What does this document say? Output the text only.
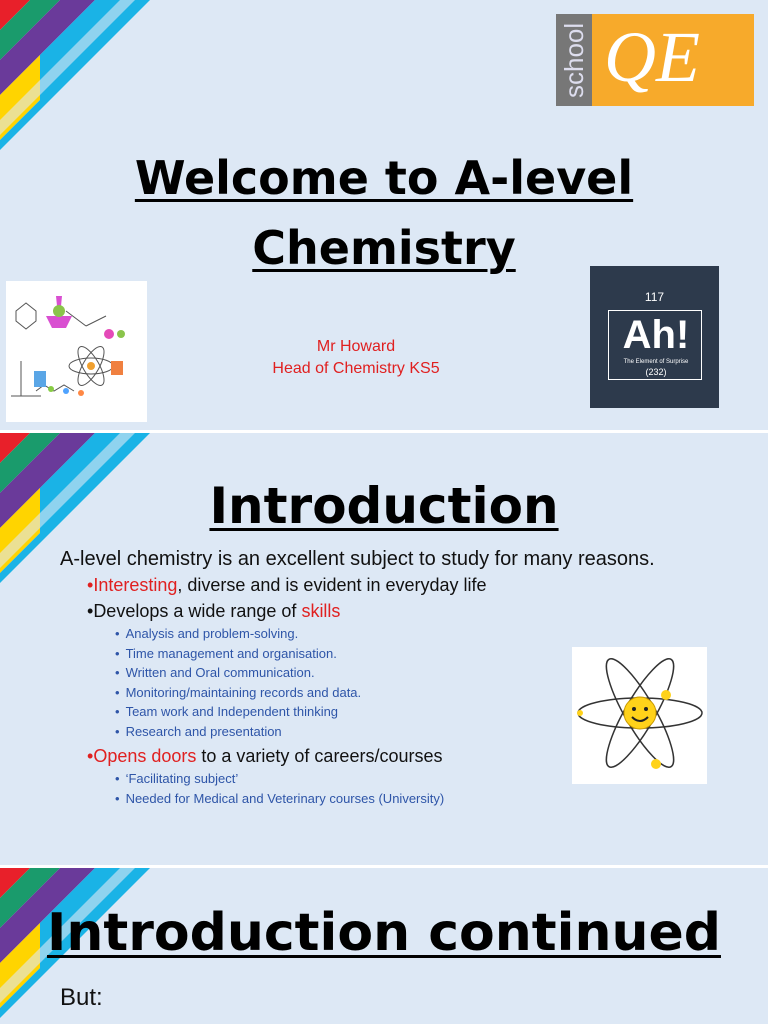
school QE
Welcome to A-level
Chemistry
Mr Howard
Head of Chemistry KS5
117
Ah!
The Element of Surprise
(232)
Introduction
A-level chemistry is an excellent subject to study for many reasons.
•Interesting, diverse and is evident in everyday life
•Develops a wide range of skills
• Analysis and problem-solving.
• Time management and organisation.
• Written and Oral communication.
• Monitoring/maintaining records and data.
• Team work and Independent thinking
• Research and presentation
•Opens doors to a variety of careers/courses
• ‘Facilitating subject’
• Needed for Medical and Veterinary courses (University)
Introduction continued
But:
